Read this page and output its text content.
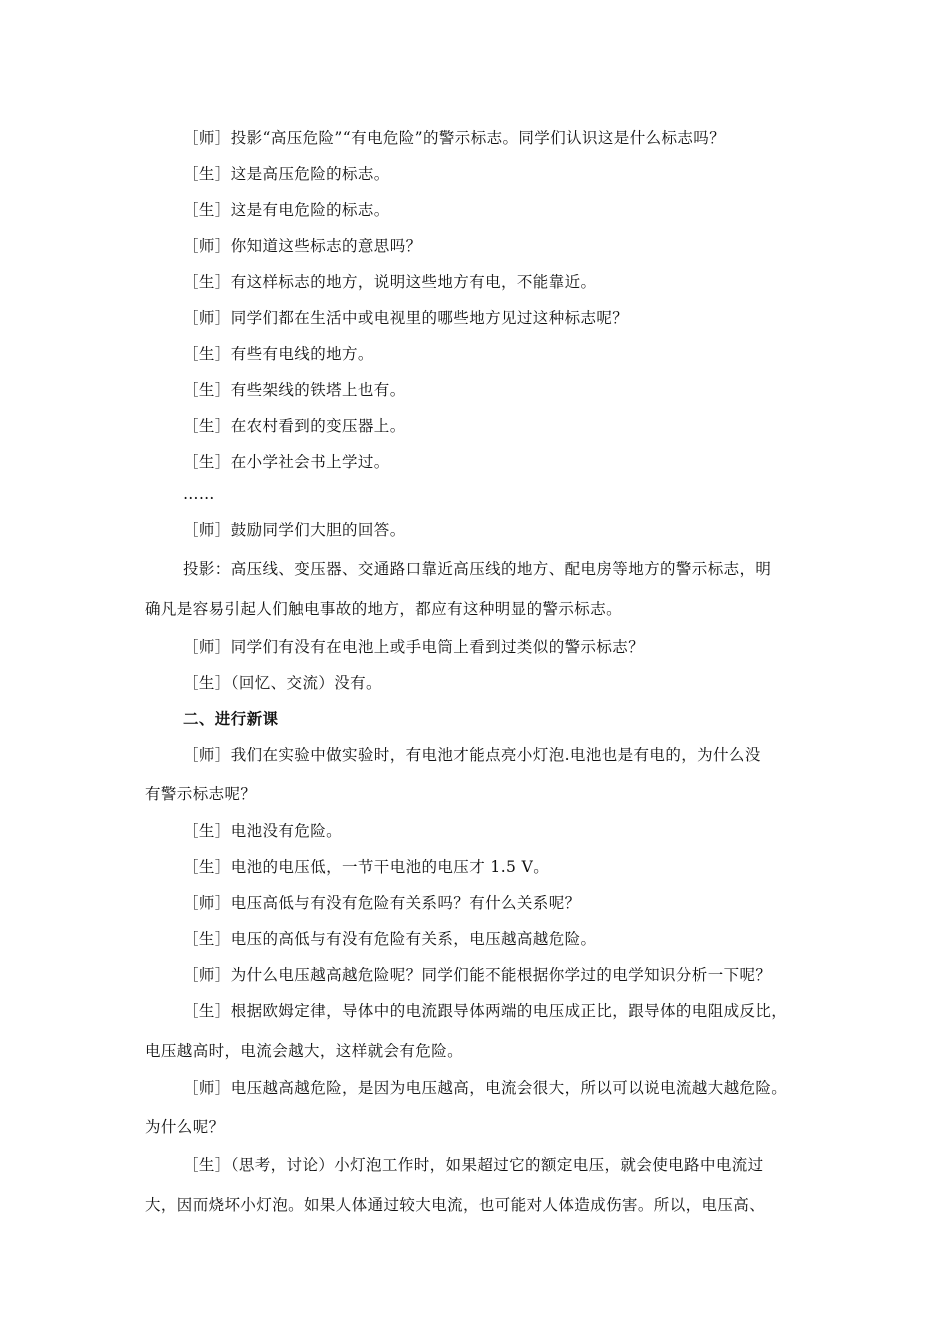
［师］投影“高压危险”“有电危险”的警示标志。同学们认识这是什么标志吗？
［生］这是高压危险的标志。
［生］这是有电危险的标志。
［师］你知道这些标志的意思吗？
［生］有这样标志的地方，说明这些地方有电，不能靠近。
［师］同学们都在生活中或电视里的哪些地方见过这种标志呢？
［生］有些有电线的地方。
［生］有些架线的铁塔上也有。
［生］在农村看到的变压器上。
［生］在小学社会书上学过。
……
［师］鼓励同学们大胆的回答。
投影：高压线、变压器、交通路口靠近高压线的地方、配电房等地方的警示标志，明
确凡是容易引起人们触电事故的地方，都应有这种明显的警示标志。
［师］同学们有没有在电池上或手电筒上看到过类似的警示标志？
［生］（回忆、交流）没有。
二、进行新课
［师］我们在实验中做实验时，有电池才能点亮小灯泡.电池也是有电的，为什么没
有警示标志呢？
［生］电池没有危险。
［生］电池的电压低，一节干电池的电压才 1.5 V。
［师］电压高低与有没有危险有关系吗？有什么关系呢？
［生］电压的高低与有没有危险有关系，电压越高越危险。
［师］为什么电压越高越危险呢？同学们能不能根据你学过的电学知识分析一下呢？
［生］根据欧姆定律，导体中的电流跟导体两端的电压成正比，跟导体的电阻成反比，
电压越高时，电流会越大，这样就会有危险。
［师］电压越高越危险，是因为电压越高，电流会很大，所以可以说电流越大越危险。
为什么呢？
［生］（思考，讨论）小灯泡工作时，如果超过它的额定电压，就会使电路中电流过
大，因而烧坏小灯泡。如果人体通过较大电流，也可能对人体造成伤害。所以，电压高、
